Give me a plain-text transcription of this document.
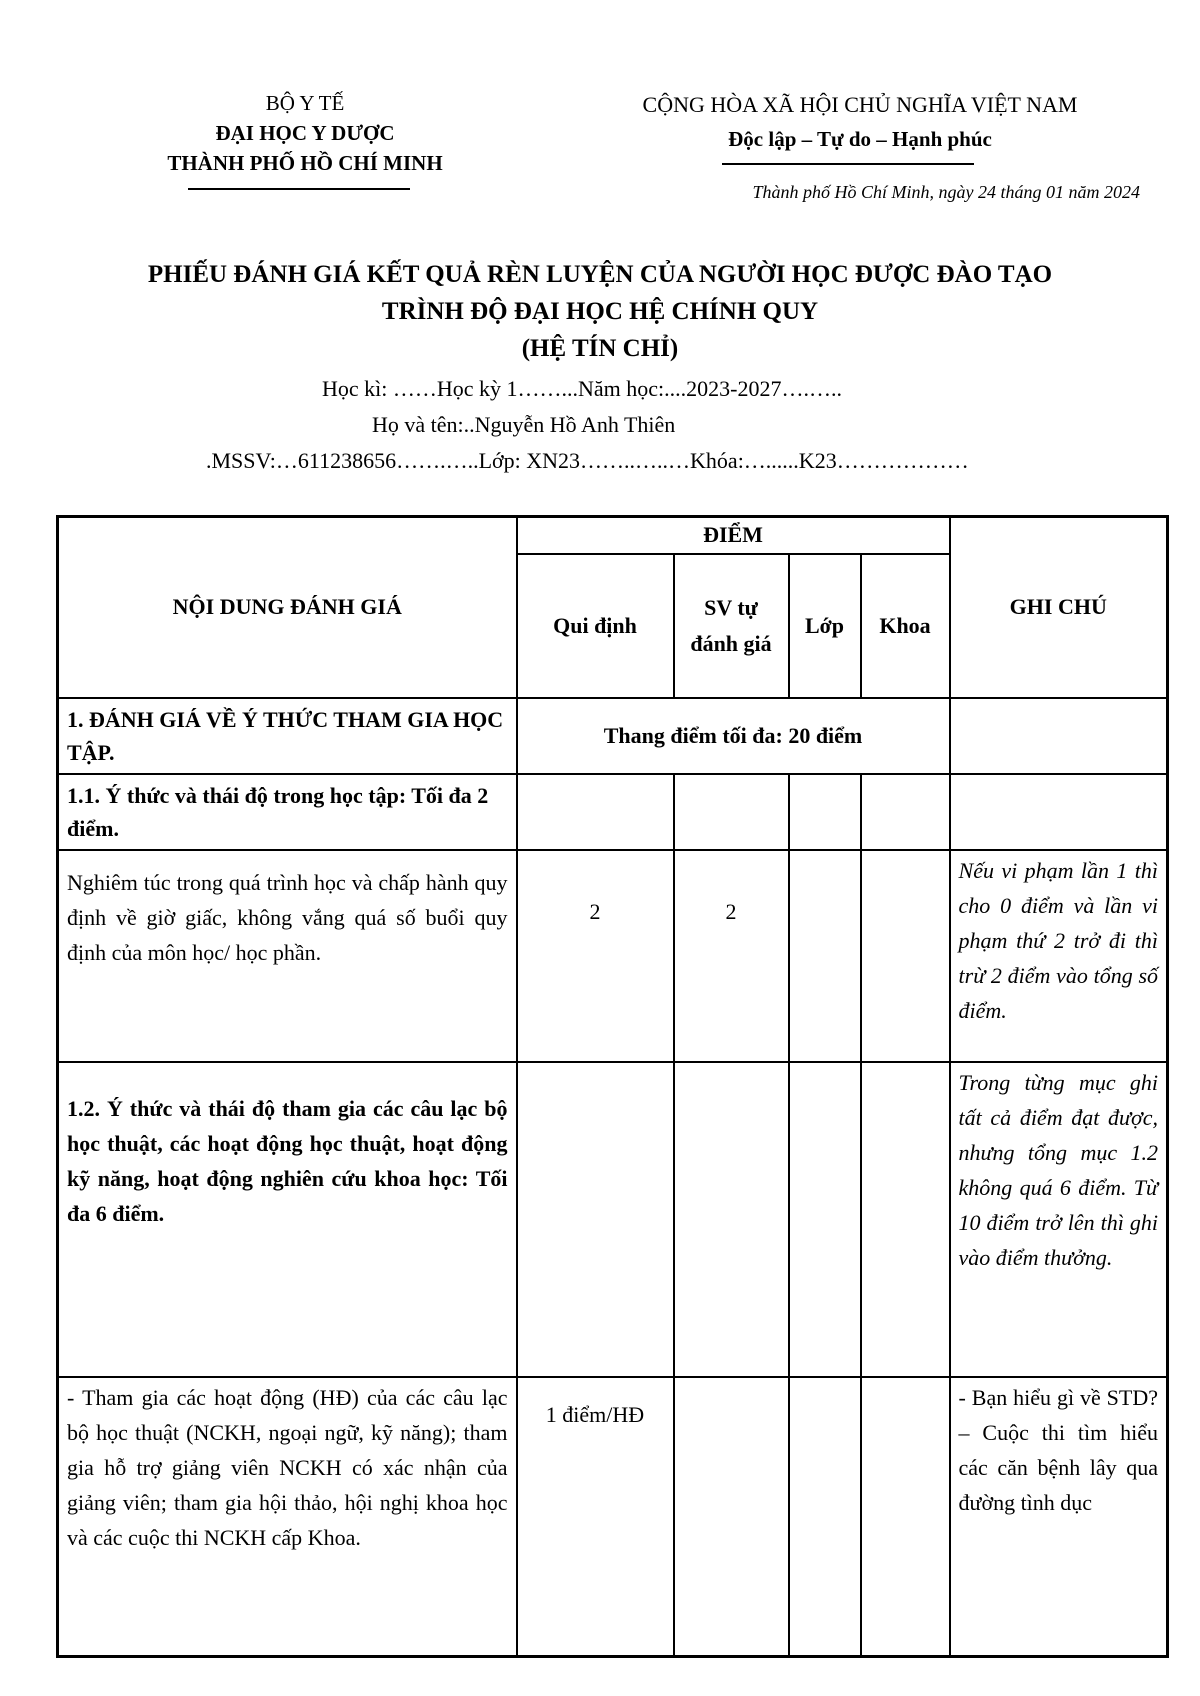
BỘ Y TẾ
ĐẠI HỌC Y DƯỢC
THÀNH PHỐ HỒ CHÍ MINH
CỘNG HÒA XÃ HỘI CHỦ NGHĨA VIỆT NAM
Độc lập – Tự do – Hạnh phúc
Thành phố Hồ Chí Minh, ngày 24 tháng 01 năm 2024
PHIẾU ĐÁNH GIÁ KẾT QUẢ RÈN LUYỆN CỦA NGƯỜI HỌC ĐƯỢC ĐÀO TẠO
TRÌNH ĐỘ ĐẠI HỌC HỆ CHÍNH QUY
(HỆ TÍN CHỈ)
Học kì: ……Học kỳ 1……...Năm học:....2023-2027….…..
Họ và tên:..Nguyễn Hồ Anh Thiên
.MSSV:…611238656…….…..Lớp: XN23……..…..…Khóa:…......K23………………
NỘI DUNG ĐÁNH GIÁ	ĐIỂM				GHI CHÚ
	Qui định	SV tự đánh giá	Lớp	Khoa	
1. ĐÁNH GIÁ VỀ Ý THỨC THAM GIA HỌC TẬP.	Thang điểm tối đa: 20 điểm				
1.1. Ý thức và thái độ trong học tập: Tối đa 2 điểm.					
Nghiêm túc trong quá trình học và chấp hành quy định về giờ giấc, không vắng quá số buổi quy định của môn học/ học phần.	2	2			Nếu vi phạm lần 1 thì cho 0 điểm và lần vi phạm thứ 2 trở đi thì trừ 2 điểm vào tổng số điểm.
1.2. Ý thức và thái độ tham gia các câu lạc bộ học thuật, các hoạt động học thuật, hoạt động kỹ năng, hoạt động nghiên cứu khoa học: Tối đa 6 điểm.					Trong từng mục ghi tất cả điểm đạt được, nhưng tổng mục 1.2 không quá 6 điểm. Từ 10 điểm trở lên thì ghi vào điểm thưởng.
- Tham gia các hoạt động (HĐ) của các câu lạc bộ học thuật (NCKH, ngoại ngữ, kỹ năng); tham gia hỗ trợ giảng viên NCKH có xác nhận của giảng viên; tham gia hội thảo, hội nghị khoa học và các cuộc thi NCKH cấp Khoa.	1 điểm/HĐ				- Bạn hiểu gì về STD? – Cuộc thi tìm hiểu các căn bệnh lây qua đường tình dục
